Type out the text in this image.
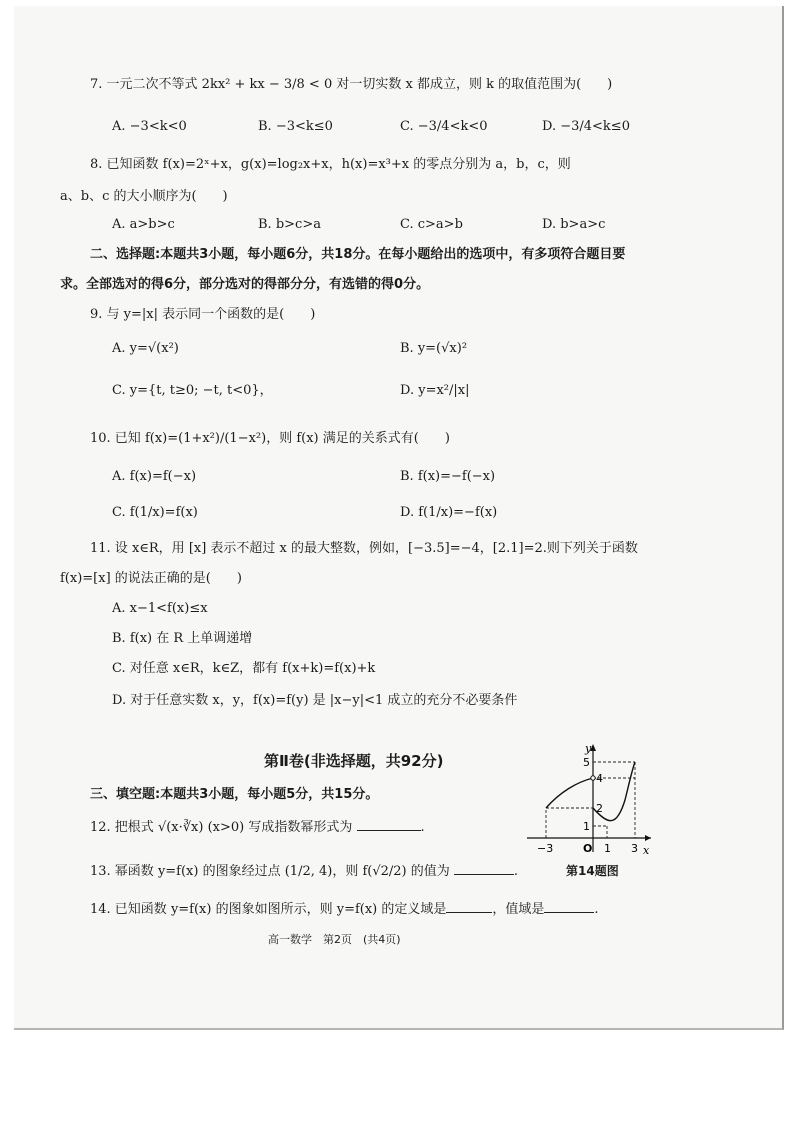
7. 一元二次不等式 2kx² + kx − 3/8 < 0 对一切实数 x 都成立，则 k 的取值范围为(　　)
A. −3<k<0	B. −3<k≤0	C. −3/4<k<0	D. −3/4<k≤0
8. 已知函数 f(x)=2ˣ+x，g(x)=log₂x+x，h(x)=x³+x 的零点分别为 a，b，c，则
a、b、c 的大小顺序为(　　)
A. a>b>c	B. b>c>a	C. c>a>b	D. b>a>c
二、选择题:本题共3小题，每小题6分，共18分。在每小题给出的选项中，有多项符合题目要
求。全部选对的得6分，部分选对的得部分分，有选错的得0分。
9. 与 y=|x| 表示同一个函数的是(　　)
A. y=√(x²)	B. y=(√x)²
C. y={t, t≥0; −t, t<0}，	D. y=x²/|x|
10. 已知 f(x)=(1+x²)/(1−x²)，则 f(x) 满足的关系式有(　　)
A. f(x)=f(−x)	B. f(x)=−f(−x)
C. f(1/x)=f(x)	D. f(1/x)=−f(x)
11. 设 x∈R，用 [x] 表示不超过 x 的最大整数，例如，[−3.5]=−4，[2.1]=2.则下列关于函数
f(x)=[x] 的说法正确的是(　　)
A. x−1<f(x)≤x
B. f(x) 在 R 上单调递增
C. 对任意 x∈R，k∈Z，都有 f(x+k)=f(x)+k
D. 对于任意实数 x，y，f(x)=f(y) 是 |x−y|<1 成立的充分不必要条件
第Ⅱ卷(非选择题，共92分)
三、填空题:本题共3小题，每小题5分，共15分。
12. 把根式 √(x·∛x) (x>0) 写成指数幂形式为	.
13. 幂函数 y=f(x) 的图象经过点 (1/2, 4)，则 f(√2/2) 的值为	.
14. 已知函数 y=f(x) 的图象如图所示，则 y=f(x) 的定义域是	，值域是	.
y
x
O
−3	1 3
5
4
2
1
第14题图
高一数学　第2页　(共4页)
